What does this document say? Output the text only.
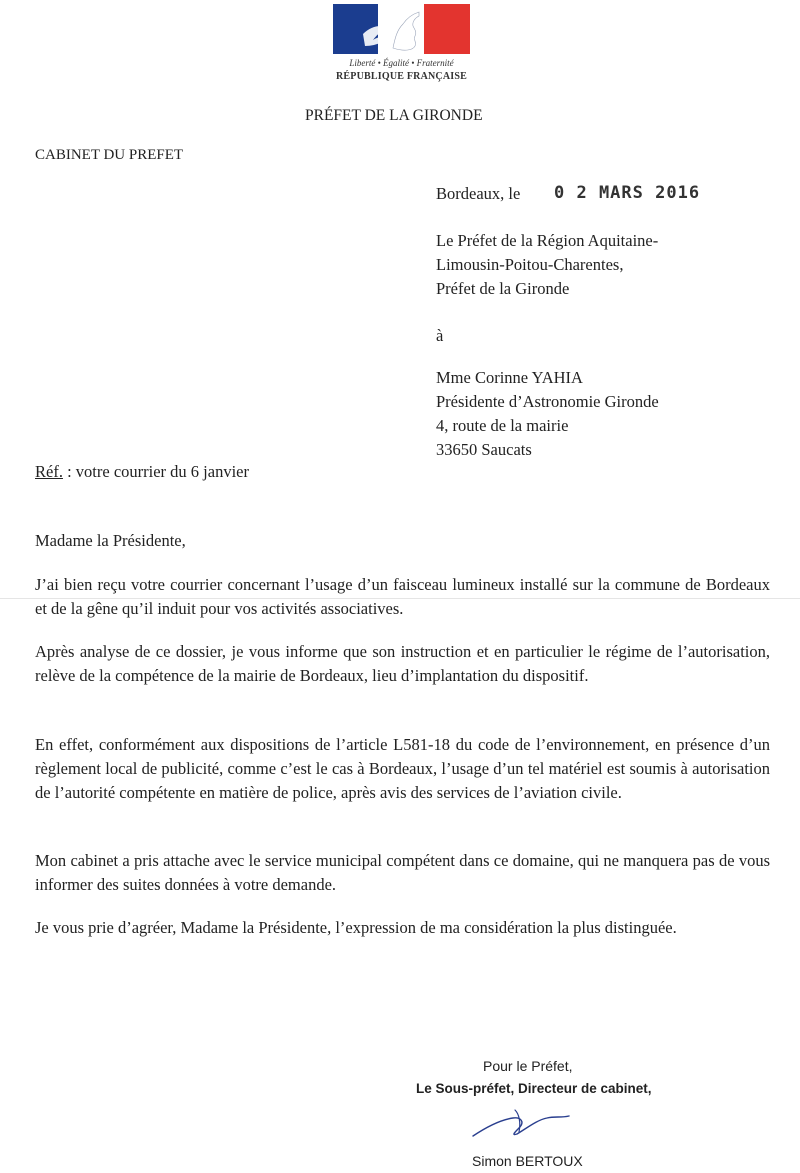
Liberté • Égalité • Fraternité
RÉPUBLIQUE FRANÇAISE
PRÉFET DE LA GIRONDE
CABINET DU PREFET
Bordeaux, le 0 2 MARS 2016
Le Préfet de la Région Aquitaine-
Limousin-Poitou-Charentes,
Préfet de la Gironde
à
Mme Corinne YAHIA
Présidente d’Astronomie Gironde
4, route de la mairie
33650 Saucats
Réf. : votre courrier du 6 janvier
Madame la Présidente,

J’ai bien reçu votre courrier concernant l’usage d’un faisceau lumineux installé sur la commune de Bordeaux et de la gêne qu’il induit pour vos activités associatives.

Après analyse de ce dossier, je vous informe que son instruction et en particulier le régime de l’autorisation, relève de la compétence de la mairie de Bordeaux, lieu d’implantation du dispositif.

En effet, conformément aux dispositions de l’article L581-18 du code de l’environnement, en présence d’un règlement local de publicité, comme c’est le cas à Bordeaux, l’usage d’un tel matériel est soumis à autorisation de l’autorité compétente en matière de police, après avis des services de l’aviation civile.

Mon cabinet a pris attache avec le service municipal compétent dans ce domaine, qui ne manquera pas de vous informer des suites données à votre demande.

Je vous prie d’agréer, Madame la Présidente, l’expression de ma considération la plus distinguée.

Pour le Préfet,
Le Sous-préfet, Directeur de cabinet,
Simon BERTOUX
